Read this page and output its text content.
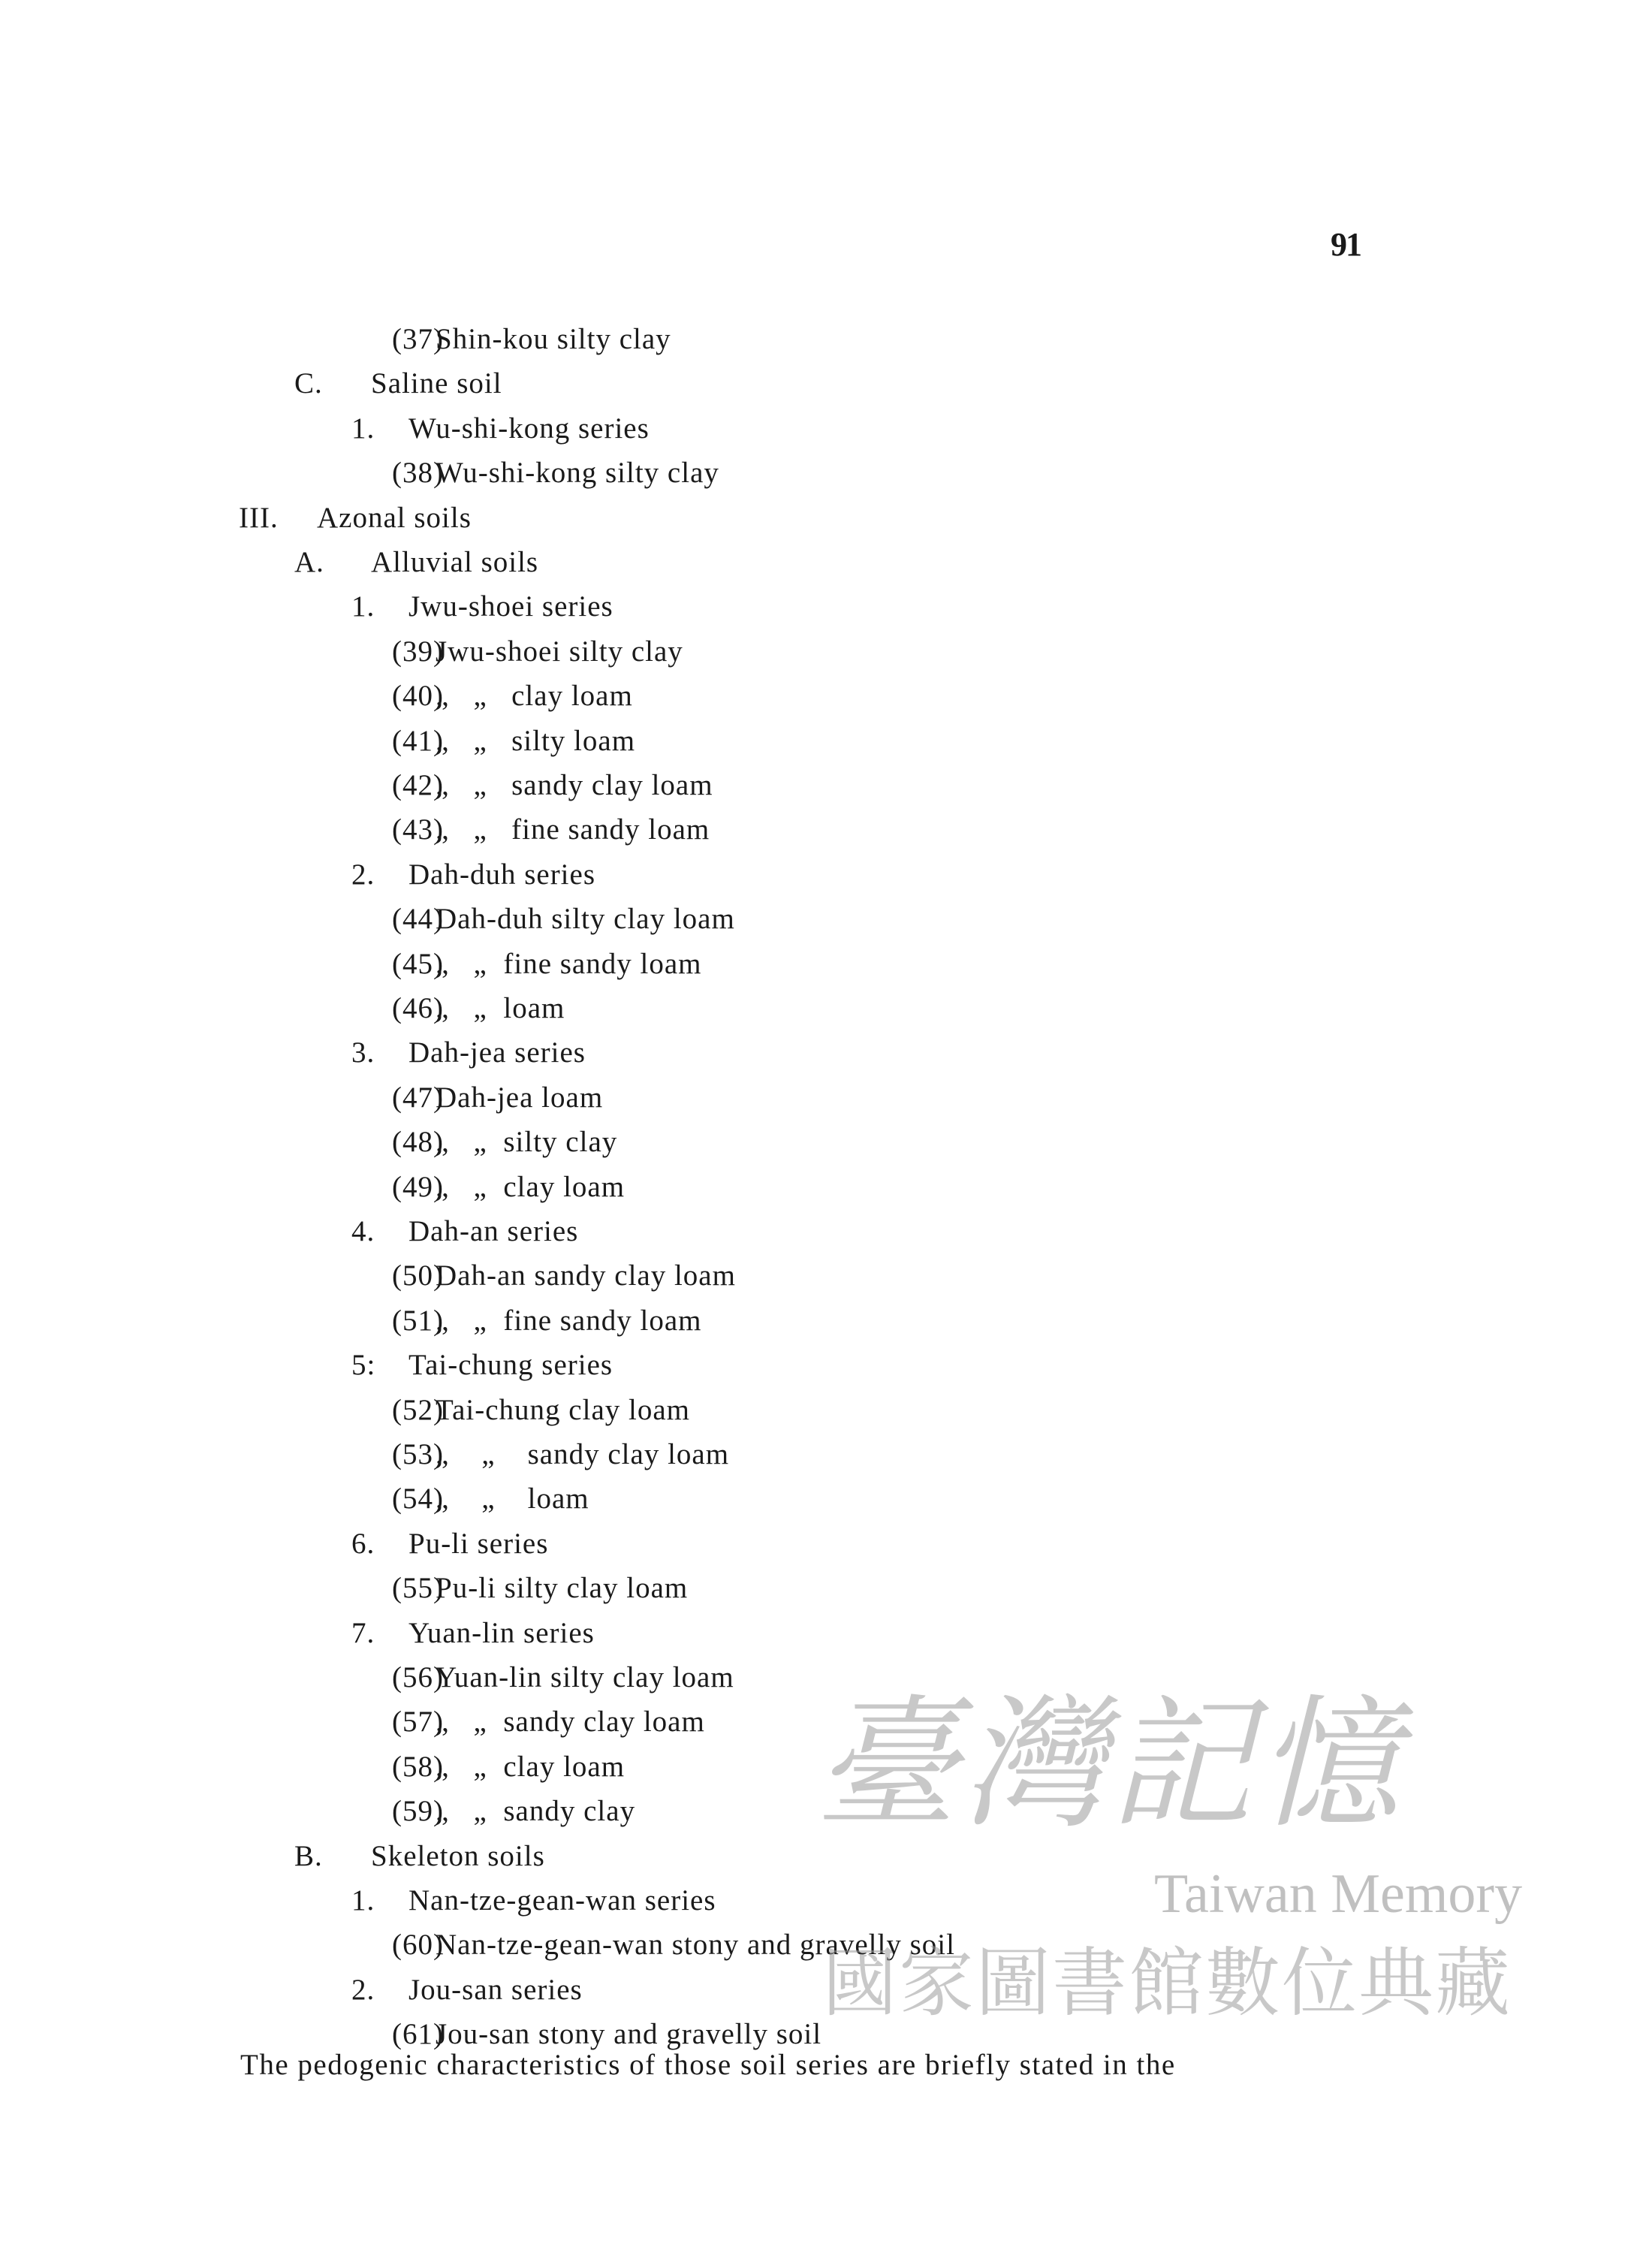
91
(37)Shin-kou silty clay
C. Saline soil
1. Wu-shi-kong series
(38)Wu-shi-kong silty clay
III. Azonal soils
A. Alluvial soils
1. Jwu-shoei series
(39)Jwu-shoei silty clay
(40)„   „   clay loam
(41)„   „   silty loam
(42)„   „   sandy clay loam
(43)„   „   fine sandy loam
2. Dah-duh series
(44)Dah-duh silty clay loam
(45)„   „  fine sandy loam
(46)„   „  loam
3. Dah-jea series
(47)Dah-jea loam
(48)„   „  silty clay
(49)„   „  clay loam
4. Dah-an series
(50)Dah-an sandy clay loam
(51)„   „  fine sandy loam
5: Tai-chung series
(52)Tai-chung clay loam
(53)„    „    sandy clay loam
(54)„    „    loam
6. Pu-li series
(55)Pu-li silty clay loam
7. Yuan-lin series
(56)Yuan-lin silty clay loam
(57)„   „  sandy clay loam
(58)„   „  clay loam
(59)„   „  sandy clay
B. Skeleton soils
1. Nan-tze-gean-wan series
(60)Nan-tze-gean-wan stony and gravelly soil
2. Jou-san series
(61)Jou-san stony and gravelly soil
The pedogenic characteristics of those soil series are briefly stated in the
臺灣記憶
Taiwan Memory
國家圖書館數位典藏
